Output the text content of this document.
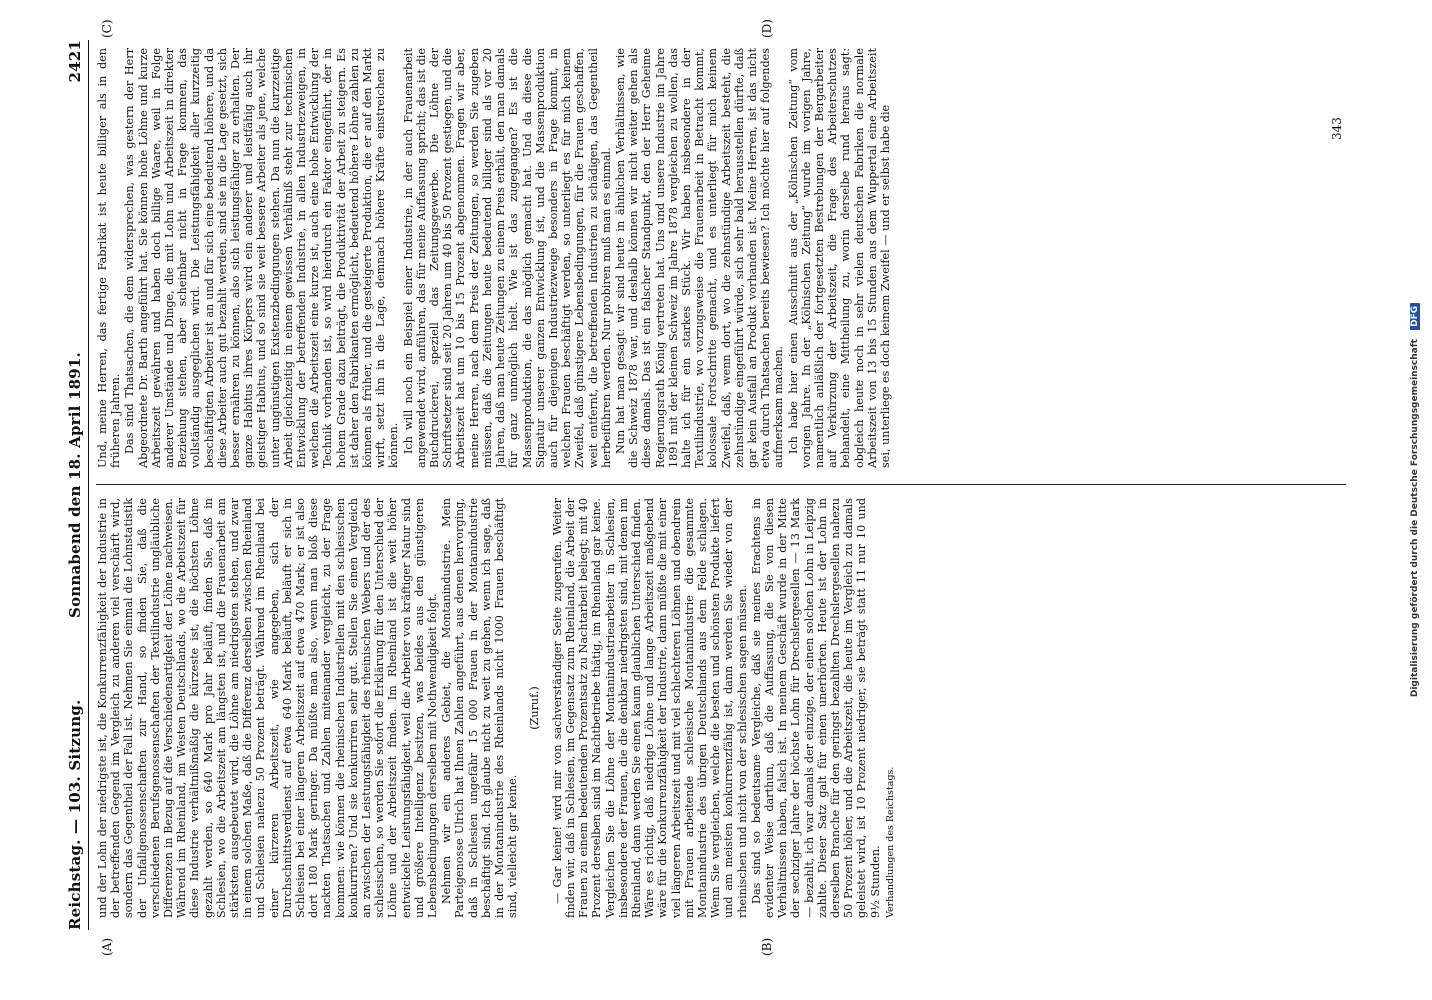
Reichstag. — 103. Sitzung.
Sonnabend den 18. April 1891.
2421
(A)	(B)
(C)	(D)

und der Lohn der niedrigste ist, die Konkurrenzfähigkeit der Industrie in der betreffenden Gegend im Vergleich zu anderen viel verschärft wird, sondern das Gegentheil der Fall ist. Nehmen Sie einmal die Lohnstatistik der Unfallgenossenschaften zur Hand, so finden Sie, daß die verschiedenen Berufsgenossenschaften der Textilindustrie ungläubliche Differenzen in Bezug auf die Verschiedenartigkeit der Löhne nachweisen. Während im Rheinland, im Westen Deutschlands, wo die Arbeitszeit für diese Industrie verhältnißmäßig die kürzeste ist, die höchsten Löhne gezahlt werden, so 640 Mark pro Jahr beläuft, finden Sie, daß in Schlesien, wo die Arbeitszeit am längsten ist, und die Frauenarbeit am stärksten ausgebeutet wird, die Löhne am niedrigsten stehen, und zwar in einem solchen Maße, daß die Differenz derselben zwischen Rheinland und Schlesien nahezu 50 Prozent beträgt. Während im Rheinland bei einer kürzeren Arbeitszeit, wie angegeben, sich der Durchschnittsverdienst auf etwa 640 Mark beläuft, beläuft er sich in Schlesien bei einer längeren Arbeitszeit auf etwa 470 Mark; er ist also dort 180 Mark geringer. Da müßte man also, wenn man bloß diese nackten Thatsachen und Zahlen miteinander vergleicht, zu der Frage kommen: wie können die rheinischen Industriellen mit den schlesischen konkurriren? Und sie konkurriren sehr gut. Stellen Sie einen Vergleich an zwischen der Leistungsfähigkeit des rheinischen Webers und der des schlesischen, so werden Sie sofort die Erklärung für den Unterschied der Löhne und der Arbeitszeit finden. Im Rheinland ist die weit höher entwickelte Leistungsfähigkeit, weil die Arbeiter von kräftiger Natur sind und größere Intelligenz besitzen, was beides aus den günstigeren Lebensbedingungen derselben mit Nothwendigkeit folgt. Nehmen wir ein anderes Gebiet, die Montanindustrie. Mein Parteigenosse Ulrich hat Ihnen Zahlen angeführt, aus denen hervorging, daß in Schlesien ungefähr 15 000 Frauen in der Montanindustrie beschäftigt sind. Ich glaube nicht zu weit zu gehen, wenn ich sage, daß in der Montanindustrie des Rheinlands nicht 1000 Frauen beschäftigt sind, vielleicht gar keine.

(Zuruf.) — Gar keine! wird mir von sachverständiger Seite zugerufen. Weiter finden wir, daß in Schlesien, im Gegensatz zum Rheinland, die Arbeit der Frauen zu einem bedeutenden Prozentsatz zu Nachtarbeit beliegt; mit 40 Prozent derselben sind im Nachtbetriebe thätig, im Rheinland gar keine. Vergleichen Sie die Löhne der Montanindustriearbeiter in Schlesien, insbesondere der Frauen, die die denkbar niedrigsten sind, mit denen im Rheinland, dann werden Sie einen kaum glaublichen Unterschied finden. Wäre es richtig, daß niedrige Löhne und lange Arbeitszeit maßgebend wäre für die Konkurrenzfähigkeit der Industrie, dann müßte die mit einer viel längeren Arbeitszeit und mit viel schlechteren Löhnen und obendrein mit Frauen arbeitende schlesische Montanindustrie die gesammte Montanindustrie des übrigen Deutschlands aus dem Felde schlagen. Wenn Sie vergleichen, welche die besten und schönsten Produkte liefert und am meisten konkurrenzfähig ist, dann werden Sie wieder von der rheinischen und nicht von der schlesischen sagen müssen. Das sind so bedeutsame Vergleiche, daß sie meines Erachtens in evidenter Weise darthun, daß die Auffassung, die Sie von diesen Verhältnissen haben, falsch ist. In meinem Geschäft wurde in der Mitte der sechziger Jahre der höchste Lohn für Drechslergesellen — 13 Mark — bezahlt, ich war damals der einzige, der einen solchen Lohn in Leipzig zahlte. Dieser Satz galt für einen unerhörten. Heute ist der Lohn in derselben Branche für den geringst bezahlten Drechslergesellen nahezu 50 Prozent höher, und die Arbeitszeit, die heute im Vergleich zu damals geleistet wird, ist 10 Prozent niedriger, sie beträgt statt 11 nur 10 und 9½ Stunden. Verhandlungen des Reichstags.

Und, meine Herren, das fertige Fabrikat ist heute billiger als in den früheren Jahren. Das sind Thatsachen, die dem widersprechen, was gestern der Herr Abgeordnete Dr. Barth angeführt hat. Sie können hohe Löhne und kurze Arbeitszeit gewähren und haben doch billige Waare, weil in Folge anderer Umstände und Dinge, die mit Lohn und Arbeitszeit in direkter Beziehung stehen, aber scheinbar nicht in Frage kommen, das vollständig ausgeglichen wird. Die Leistungsfähigkeit aller kurzzeitig beschäftigten Arbeiter ist an und für sich eine bedeutend höhere, und da diese Arbeiter auch gut bezahlt werden, sind sie in die Lage gesetzt, sich besser ernähren zu können, also sich leistungsfähiger zu erhalten. Der ganze Habitus ihres Körpers wird ein anderer und leistfähig auch ihr geistiger Habitus, und so sind sie weit bessere Arbeiter als jene, welche unter ungünstigen Existenzbedingungen stehen. Da nun die kurzzeitige Arbeit gleichzeitig in einem gewissen Verhältniß steht zur technischen Entwicklung der betreffenden Industrie, in allen Industriezweigen, in welchen die Arbeitszeit eine kurze ist, auch eine hohe Entwicklung der Technik vorhanden ist, so wird hierdurch ein Faktor eingeführt, der in hohem Grade dazu beiträgt, die Produktivität der Arbeit zu steigern. Es ist daher den Fabrikanten ermöglicht, bedeutend höhere Löhne zahlen zu können als früher, und die gesteigerte Produktion, die er auf den Markt wirft, setzt ihn in die Lage, demnach höhere Kräfte einstreichen zu können. Ich will noch ein Beispiel einer Industrie, in der auch Frauenarbeit angewendet wird, anführen, das für meine Auffassung spricht; das ist die Buchdruckerei, speziell das Zeitungsgewerbe. Die Löhne der Schriftsetzer sind seit 20 Jahren um 40 bis 50 Prozent gestiegen, und die Arbeitszeit hat um 10 bis 15 Prozent abgenommen. Fragen wir aber, meine Herren, nach dem Preis der Zeitungen, so werden Sie zugeben müssen, daß die Zeitungen heute bedeutend billiger sind als vor 20 Jahren, daß man heute Zeitungen zu einem Preis erhält, den man damals für ganz unmöglich hielt. Wie ist das zugegangen? Es ist die Massenproduktion, die das möglich gemacht hat. Und da diese die Signatur unserer ganzen Entwicklung ist, und die Massenproduktion auch für diejenigen Industriezweige besonders in Frage kommt, in welchen Frauen beschäftigt werden, so unterliegt es für mich keinem Zweifel, daß günstigere Lebensbedingungen, für die Frauen geschaffen, weit entfernt, die betreffenden Industrien zu schädigen, das Gegentheil herbeiführen werden. Nur probiren muß man es einmal. Nun hat man gesagt: wir sind heute in ähnlichen Verhältnissen, wie die Schweiz 1878 war, und deshalb können wir nicht weiter gehen als diese damals. Das ist ein falscher Standpunkt, den der Herr Geheime Regierungsrath König vertreten hat. Uns und unsere Industrie im Jahre 1891 mit der kleinen Schweiz im Jahre 1878 vergleichen zu wollen, das halte ich für ein starkes Stück. Wir haben insbesondere in der Textilindustrie, wo vorzugsweise die Frauenarbeit in Betracht kommt, kolossale Fortschritte gemacht, und es unterliegt für mich keinem Zweifel, daß, wenn dort, wo die zehnstündige Arbeitszeit besteht, die zehnstündige eingeführt würde, sich sehr bald herausstellen dürfte, daß gar kein Ausfall an Produkt vorhanden ist. Meine Herren, ist das nicht etwa durch Thatsachen bereits bewiesen? Ich möchte hier auf folgendes aufmerksam machen. Ich habe hier einen Ausschnitt aus der „Kölnischen Zeitung“ vom vorigen Jahre. In der „Kölnischen Zeitung“ wurde im vorigen Jahre, namentlich anläßlich der fortgesetzten Bestrebungen der Bergarbeiter auf Verkürzung der Arbeitszeit, die Frage des Arbeiterschutzes behandelt, eine Mittheilung zu, worin derselbe rund heraus sagt: obgleich heute noch in sehr vielen deutschen Fabriken die normale Arbeitszeit von 13 bis 15 Stunden aus dem Wuppertal eine Arbeitszeit sei, unterliege es doch keinem Zweifel — und er selbst habe die	343
Digitalisierung gefördert durch die Deutsche Forschungsgemeinschaft DFG
